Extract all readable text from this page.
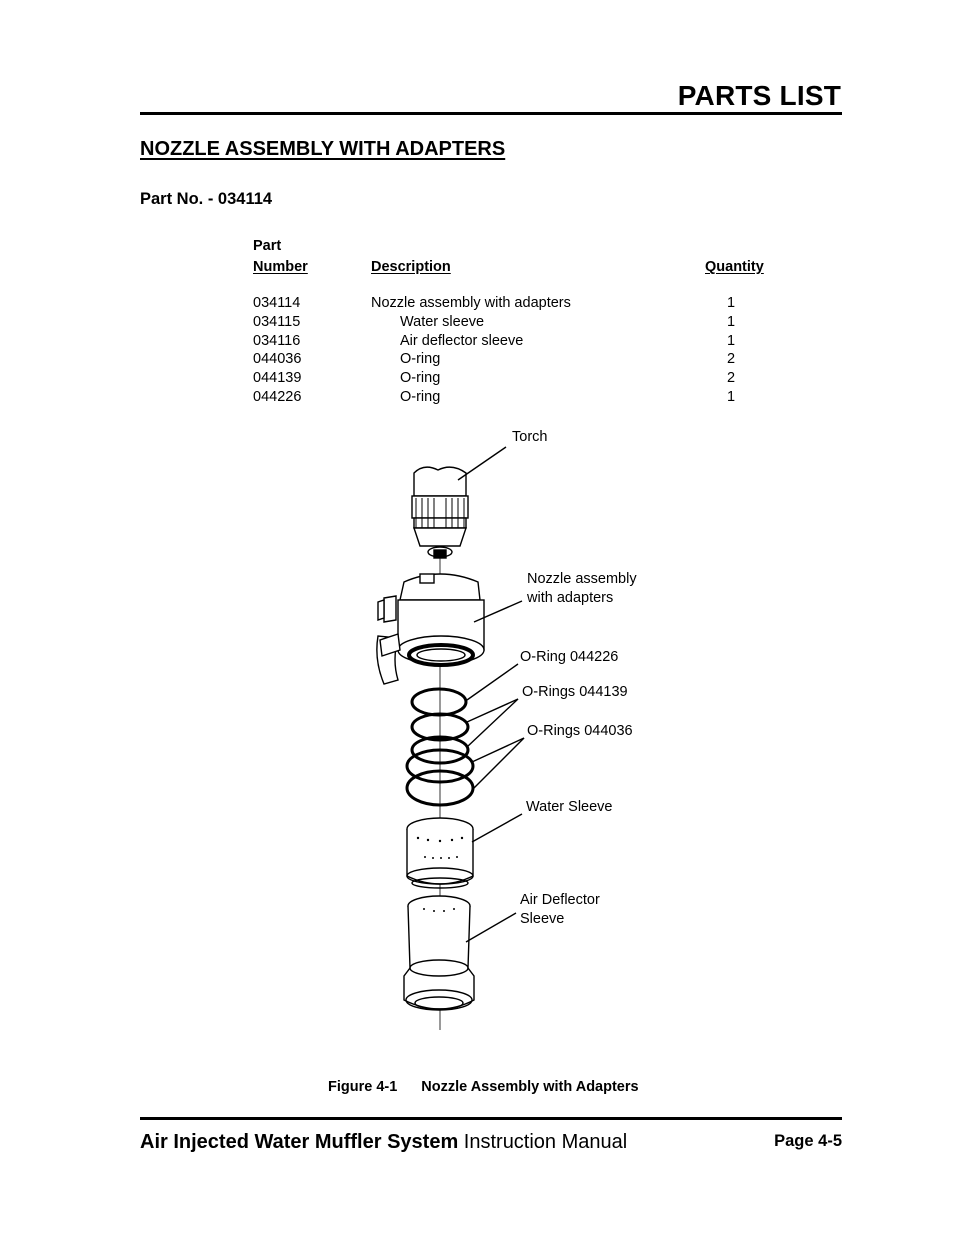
PARTS LIST
NOZZLE ASSEMBLY WITH ADAPTERS
Part No. - 034114
Part
Number	Description	Quantity
034114	Nozzle assembly with adapters	1
034115	Water sleeve	1
034116	Air deflector sleeve	1
044036	O-ring	2
044139	O-ring	2
044226	O-ring	1
Torch
Nozzle assembly
with adapters
O-Ring 044226
O-Rings 044139
O-Rings 044036
Water Sleeve
Air Deflector
Sleeve
Figure 4-1 Nozzle Assembly with Adapters
Air Injected Water Muffler System Instruction Manual	Page 4-5
